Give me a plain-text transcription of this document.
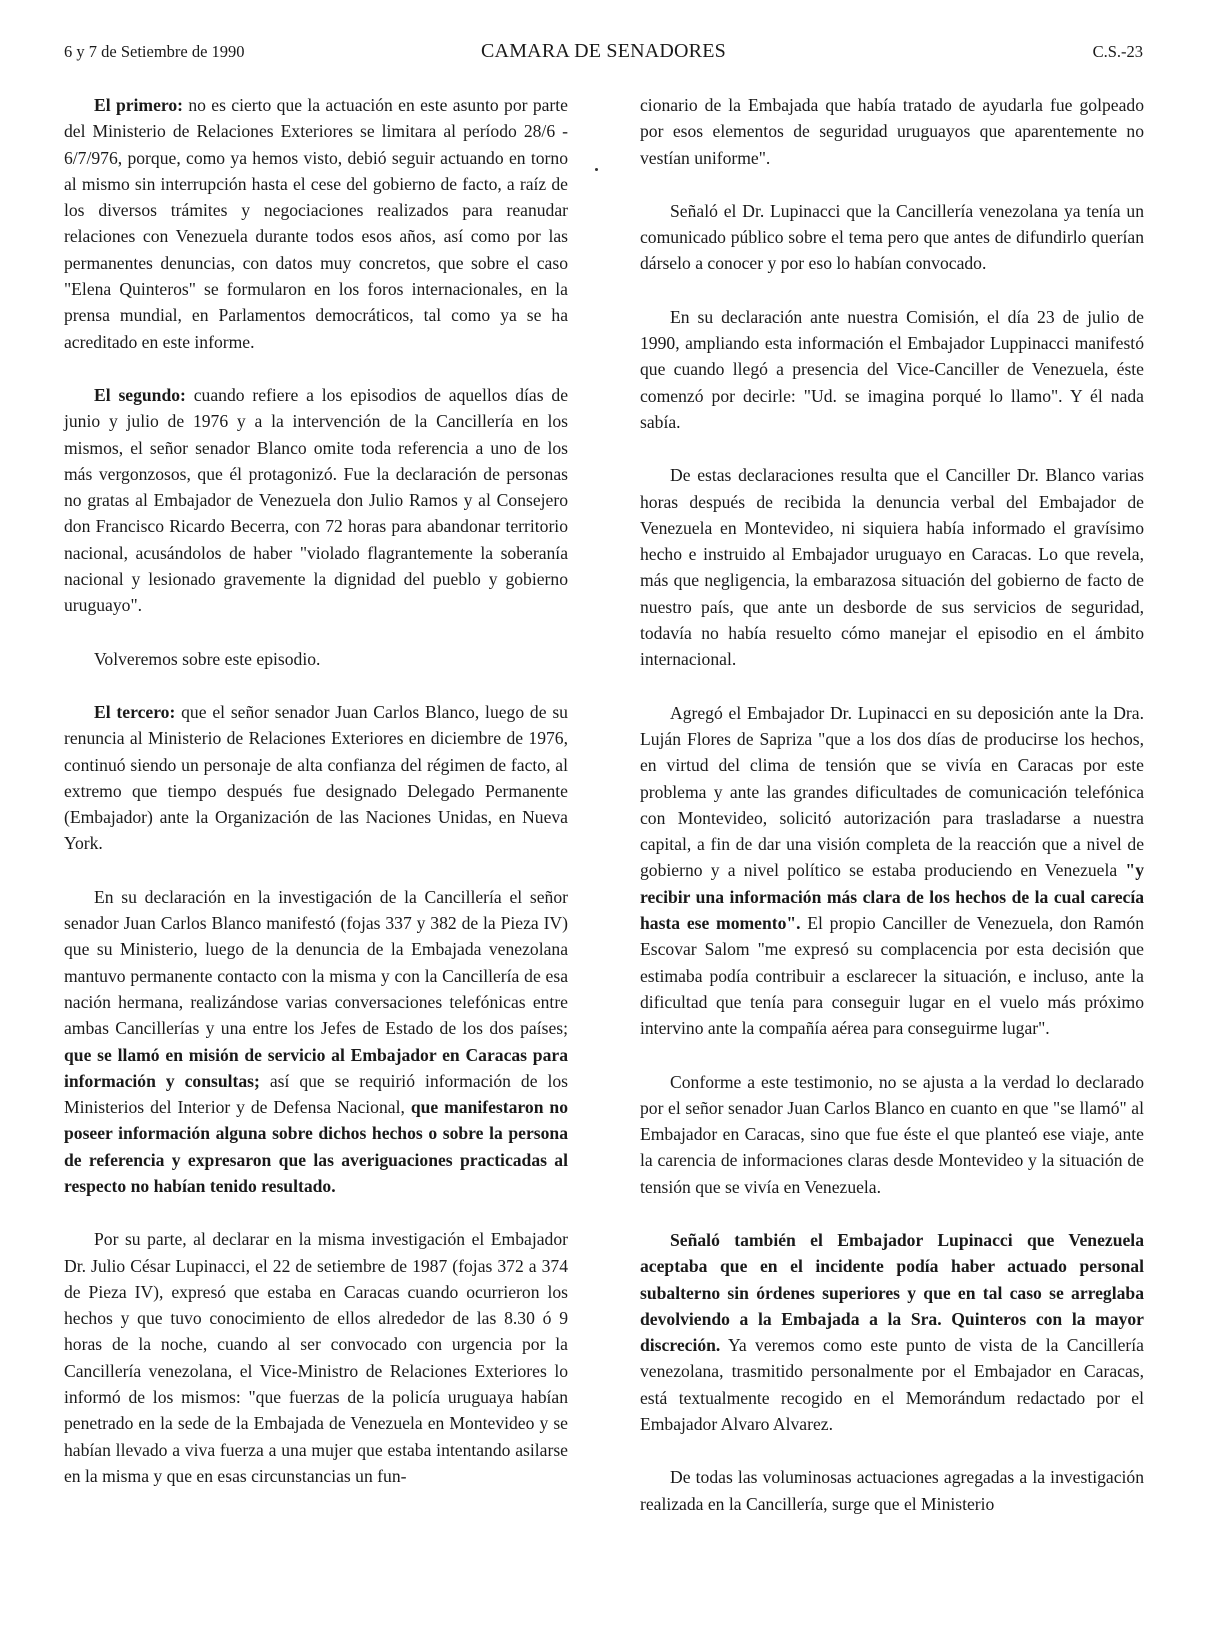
6 y 7 de Setiembre de 1990	CAMARA DE SENADORES	C.S.-23

El primero: no es cierto que la actuación en este asunto por parte del Ministerio de Relaciones Exteriores se limitara al período 28/6 - 6/7/976, porque, como ya hemos visto, debió seguir actuando en torno al mismo sin interrupción hasta el cese del gobierno de facto, a raíz de los diversos trámites y negociaciones realizados para reanudar relaciones con Venezuela durante todos esos años, así como por las permanentes denuncias, con datos muy concretos, que sobre el caso "Elena Quinteros" se formularon en los foros internacionales, en la prensa mundial, en Parlamentos democráticos, tal como ya se ha acreditado en este informe.

El segundo: cuando refiere a los episodios de aquellos días de junio y julio de 1976 y a la intervención de la Cancillería en los mismos, el señor senador Blanco omite toda referencia a uno de los más vergonzosos, que él protagonizó. Fue la declaración de personas no gratas al Embajador de Venezuela don Julio Ramos y al Consejero don Francisco Ricardo Becerra, con 72 horas para abandonar territorio nacional, acusándolos de haber "violado flagrantemente la soberanía nacional y lesionado gravemente la dignidad del pueblo y gobierno uruguayo".

Volveremos sobre este episodio.

El tercero: que el señor senador Juan Carlos Blanco, luego de su renuncia al Ministerio de Relaciones Exteriores en diciembre de 1976, continuó siendo un personaje de alta confianza del régimen de facto, al extremo que tiempo después fue designado Delegado Permanente (Embajador) ante la Organización de las Naciones Unidas, en Nueva York.

En su declaración en la investigación de la Cancillería el señor senador Juan Carlos Blanco manifestó (fojas 337 y 382 de la Pieza IV) que su Ministerio, luego de la denuncia de la Embajada venezolana mantuvo permanente contacto con la misma y con la Cancillería de esa nación hermana, realizándose varias conversaciones telefónicas entre ambas Cancillerías y una entre los Jefes de Estado de los dos países; que se llamó en misión de servicio al Embajador en Caracas para información y consultas; así que se requirió información de los Ministerios del Interior y de Defensa Nacional, que manifestaron no poseer información alguna sobre dichos hechos o sobre la persona de referencia y expresaron que las averiguaciones practicadas al respecto no habían tenido resultado.

Por su parte, al declarar en la misma investigación el Embajador Dr. Julio César Lupinacci, el 22 de setiembre de 1987 (fojas 372 a 374 de Pieza IV), expresó que estaba en Caracas cuando ocurrieron los hechos y que tuvo conocimiento de ellos alrededor de las 8.30 ó 9 horas de la noche, cuando al ser convocado con urgencia por la Cancillería venezolana, el Vice-Ministro de Relaciones Exteriores lo informó de los mismos: "que fuerzas de la policía uruguaya habían penetrado en la sede de la Embajada de Venezuela en Montevideo y se habían llevado a viva fuerza a una mujer que estaba intentando asilarse en la misma y que en esas circunstancias un fun-

cionario de la Embajada que había tratado de ayudarla fue golpeado por esos elementos de seguridad uruguayos que aparentemente no vestían uniforme".

Señaló el Dr. Lupinacci que la Cancillería venezolana ya tenía un comunicado público sobre el tema pero que antes de difundirlo querían dárselo a conocer y por eso lo habían convocado.

En su declaración ante nuestra Comisión, el día 23 de julio de 1990, ampliando esta información el Embajador Luppinacci manifestó que cuando llegó a presencia del Vice-Canciller de Venezuela, éste comenzó por decirle: "Ud. se imagina porqué lo llamo". Y él nada sabía.

De estas declaraciones resulta que el Canciller Dr. Blanco varias horas después de recibida la denuncia verbal del Embajador de Venezuela en Montevideo, ni siquiera había informado el gravísimo hecho e instruido al Embajador uruguayo en Caracas. Lo que revela, más que negligencia, la embarazosa situación del gobierno de facto de nuestro país, que ante un desborde de sus servicios de seguridad, todavía no había resuelto cómo manejar el episodio en el ámbito internacional.

Agregó el Embajador Dr. Lupinacci en su deposición ante la Dra. Luján Flores de Sapriza "que a los dos días de producirse los hechos, en virtud del clima de tensión que se vivía en Caracas por este problema y ante las grandes dificultades de comunicación telefónica con Montevideo, solicitó autorización para trasladarse a nuestra capital, a fin de dar una visión completa de la reacción que a nivel de gobierno y a nivel político se estaba produciendo en Venezuela "y recibir una información más clara de los hechos de la cual carecía hasta ese momento". El propio Canciller de Venezuela, don Ramón Escovar Salom "me expresó su complacencia por esta decisión que estimaba podía contribuir a esclarecer la situación, e incluso, ante la dificultad que tenía para conseguir lugar en el vuelo más próximo intervino ante la compañía aérea para conseguirme lugar".

Conforme a este testimonio, no se ajusta a la verdad lo declarado por el señor senador Juan Carlos Blanco en cuanto en que "se llamó" al Embajador en Caracas, sino que fue éste el que planteó ese viaje, ante la carencia de informaciones claras desde Montevideo y la situación de tensión que se vivía en Venezuela.

Señaló también el Embajador Lupinacci que Venezuela aceptaba que en el incidente podía haber actuado personal subalterno sin órdenes superiores y que en tal caso se arreglaba devolviendo a la Embajada a la Sra. Quinteros con la mayor discreción. Ya veremos como este punto de vista de la Cancillería venezolana, trasmitido personalmente por el Embajador en Caracas, está textualmente recogido en el Memorándum redactado por el Embajador Alvaro Alvarez.

De todas las voluminosas actuaciones agregadas a la investigación realizada en la Cancillería, surge que el Ministerio
